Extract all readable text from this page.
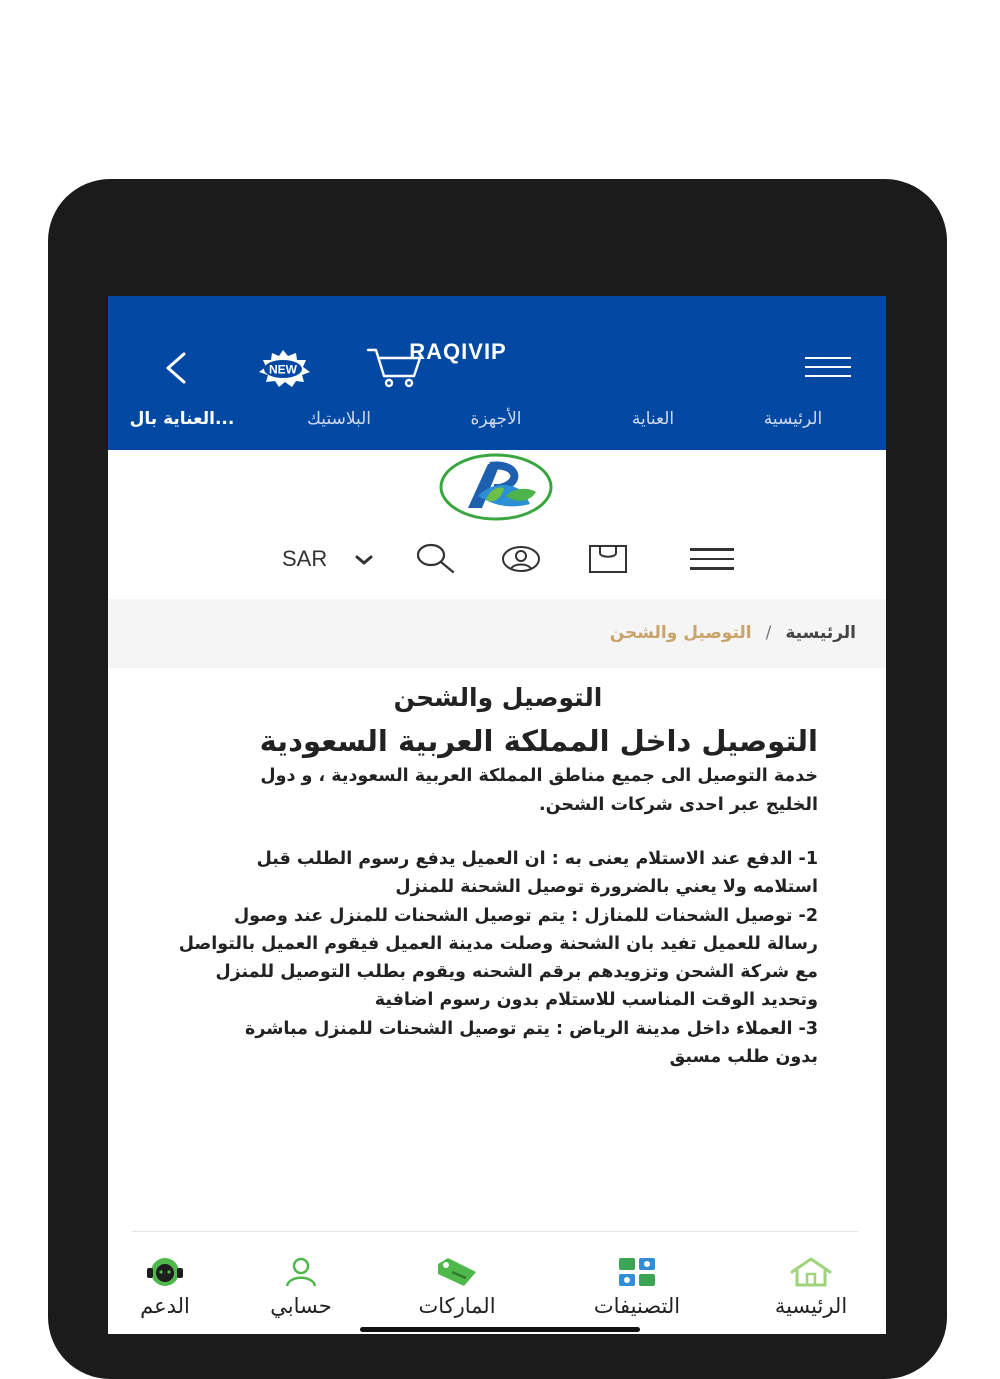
RAQIVIP
NEW
الرئيسية
العناية
الأجهزة
البلاستيك
العناية بال...
SAR
الرئيسية/التوصيل والشحن
التوصيل والشحن
التوصيل داخل المملكة العربية السعودية
خدمة التوصيل الى جميع مناطق المملكة العربية السعودية ، و دول الخليج عبر احدى شركات الشحن.
1- الدفع عند الاستلام يعنى به : ان العميل يدفع رسوم الطلب قبل استلامه ولا يعني بالضرورة توصيل الشحنة للمنزل
2- توصيل الشحنات للمنازل : يتم توصيل الشحنات للمنزل عند وصول رسالة للعميل تفيد بان الشحنة وصلت مدينة العميل فيقوم العميل بالتواصل مع شركة الشحن وتزويدهم برقم الشحنه ويقوم بطلب التوصيل للمنزل وتحديد الوقت المناسب للاستلام بدون رسوم اضافية
3- العملاء داخل مدينة الرياض : يتم توصيل الشحنات للمنزل مباشرة بدون طلب مسبق
الرئيسية
التصنيفات
الماركات
حسابي
الدعم
